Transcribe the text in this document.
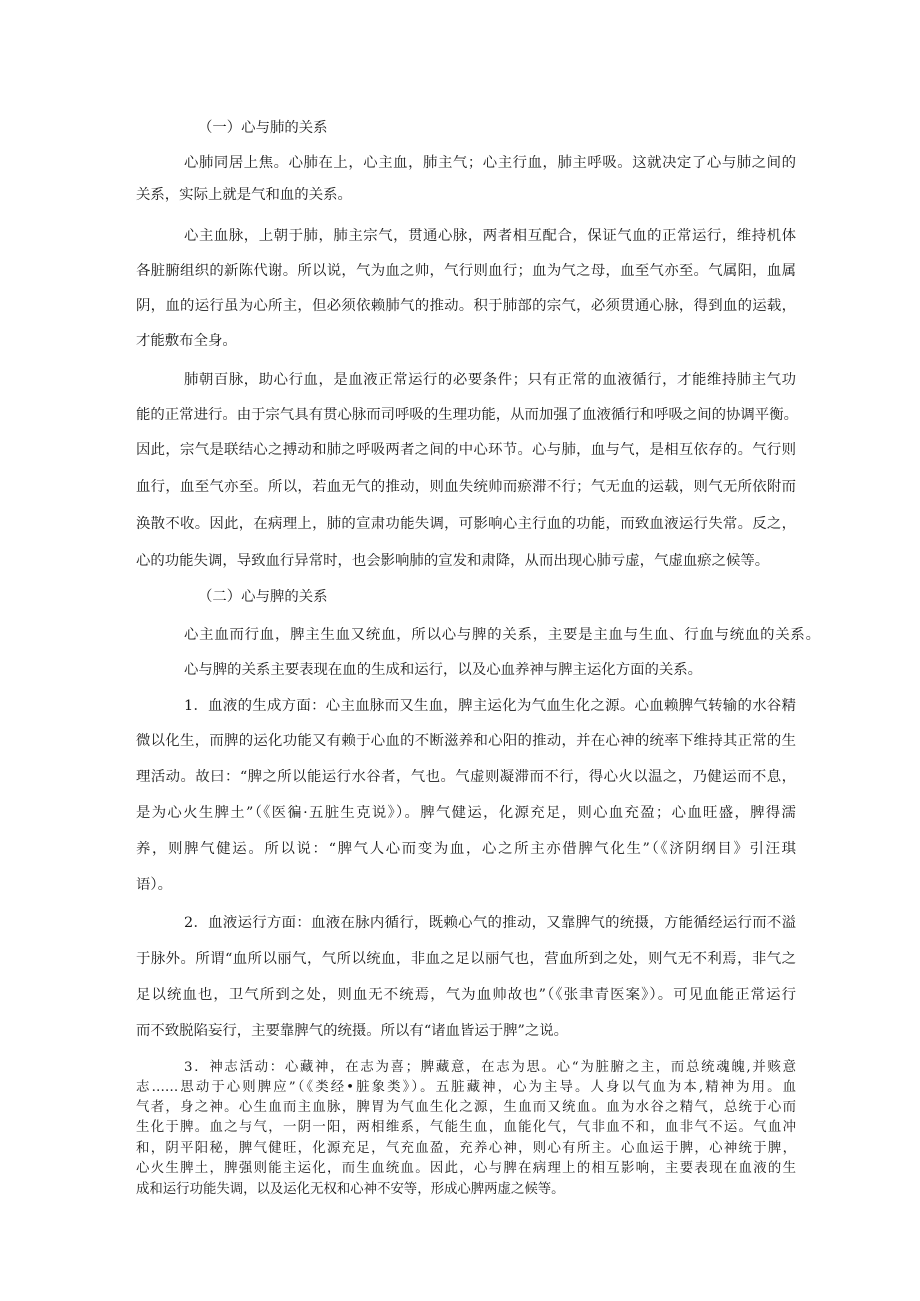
（一）心与肺的关系
心肺同居上焦。心肺在上，心主血，肺主气；心主行血，肺主呼吸。这就决定了心与肺之间的
关系，实际上就是气和血的关系。
心主血脉，上朝于肺，肺主宗气，贯通心脉，两者相互配合，保证气血的正常运行，维持机体
各脏腑组织的新陈代谢。所以说，气为血之帅，气行则血行；血为气之母，血至气亦至。气属阳，血属
阴，血的运行虽为心所主，但必须依赖肺气的推动。积于肺部的宗气，必须贯通心脉，得到血的运载，
才能敷布全身。
肺朝百脉，助心行血，是血液正常运行的必要条件；只有正常的血液循行，才能维持肺主气功
能的正常进行。由于宗气具有贯心脉而司呼吸的生理功能，从而加强了血液循行和呼吸之间的协调平衡。
因此，宗气是联结心之搏动和肺之呼吸两者之间的中心环节。心与肺，血与气，是相互依存的。气行则
血行，血至气亦至。所以，若血无气的推动，则血失统帅而瘀滞不行；气无血的运载，则气无所依附而
涣散不收。因此，在病理上，肺的宣肃功能失调，可影响心主行血的功能，而致血液运行失常。反之，
心的功能失调，导致血行异常时，也会影响肺的宣发和肃降，从而出现心肺亏虚，气虚血瘀之候等。
（二）心与脾的关系
心主血而行血，脾主生血又统血，所以心与脾的关系，主要是主血与生血、行血与统血的关系。
心与脾的关系主要表现在血的生成和运行，以及心血养神与脾主运化方面的关系。
1．血液的生成方面：心主血脉而又生血，脾主运化为气血生化之源。心血赖脾气转输的水谷精
微以化生，而脾的运化功能又有赖于心血的不断滋养和心阳的推动，并在心神的统率下维持其正常的生
理活动。故曰：“脾之所以能运行水谷者，气也。气虚则凝滞而不行，得心火以温之，乃健运而不息，
是为心火生脾土”（《医徧·五脏生克说》）。脾气健运，化源充足，则心血充盈；心血旺盛，脾得濡
养，则脾气健运。所以说：“脾气人心而变为血，心之所主亦借脾气化生”（《济阴纲目》引汪琪
语）。
2．血液运行方面：血液在脉内循行，既赖心气的推动，又靠脾气的统摄，方能循经运行而不溢
于脉外。所谓“血所以丽气，气所以统血，非血之足以丽气也，营血所到之处，则气无不利焉，非气之
足以统血也，卫气所到之处，则血无不统焉，气为血帅故也”（《张聿青医案》）。可见血能正常运行
而不致脱陷妄行，主要靠脾气的统摄。所以有“诸血皆运于脾”之说。
3．神志活动：心藏神，在志为喜；脾藏意，在志为思。心“为脏腑之主，而总统魂魄,并赅意
志……思动于心则脾应”（《类经•脏象类》）。五脏藏神，心为主导。人身以气血为本,精神为用。血
气者，身之神。心生血而主血脉，脾胃为气血生化之源，生血而又统血。血为水谷之精气，总统于心而
生化于脾。血之与气，一阴一阳，两相维系，气能生血，血能化气，气非血不和，血非气不运。气血冲
和，阴平阳秘，脾气健旺，化源充足，气充血盈，充养心神，则心有所主。心血运于脾，心神统于脾，
心火生脾土，脾强则能主运化，而生血统血。因此，心与脾在病理上的相互影响，主要表现在血液的生
成和运行功能失调，以及运化无权和心神不安等，形成心脾两虚之候等。
